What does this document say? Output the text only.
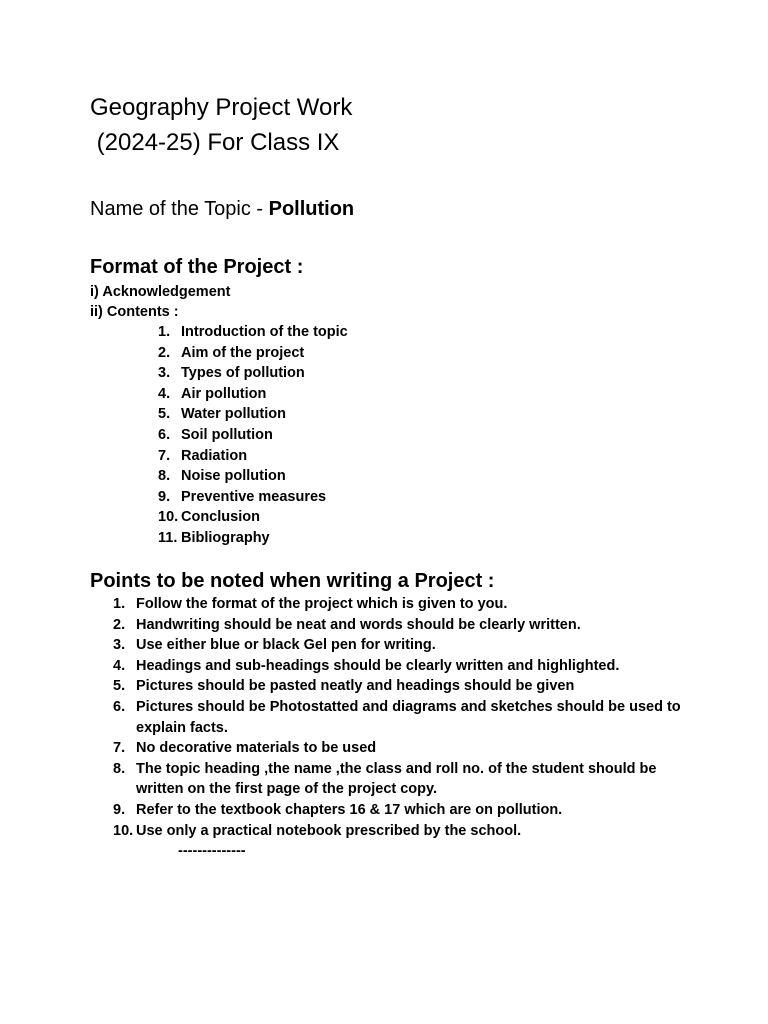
Geography Project Work
(2024-25) For Class IX
Name of the Topic - Pollution
Format of the Project :
i) Acknowledgement
ii) Contents :
1. Introduction of the topic
2. Aim of the project
3. Types of pollution
4. Air pollution
5. Water pollution
6. Soil pollution
7. Radiation
8. Noise pollution
9. Preventive measures
10. Conclusion
11. Bibliography
Points to be noted when writing a Project :
1. Follow the format of the project which is given to you.
2. Handwriting should be neat and words should be clearly written.
3. Use either blue or black Gel pen for writing.
4. Headings and sub-headings should be clearly written and highlighted.
5. Pictures should be pasted neatly and headings should be given
6. Pictures should be Photostatted and diagrams and sketches should be used to explain facts.
7. No decorative materials to be used
8. The topic heading ,the name ,the class and roll no. of the student should be written on the first page of the project copy.
9. Refer to the textbook chapters 16 & 17 which are on pollution.
10. Use only a practical notebook prescribed by the school.
--------------
